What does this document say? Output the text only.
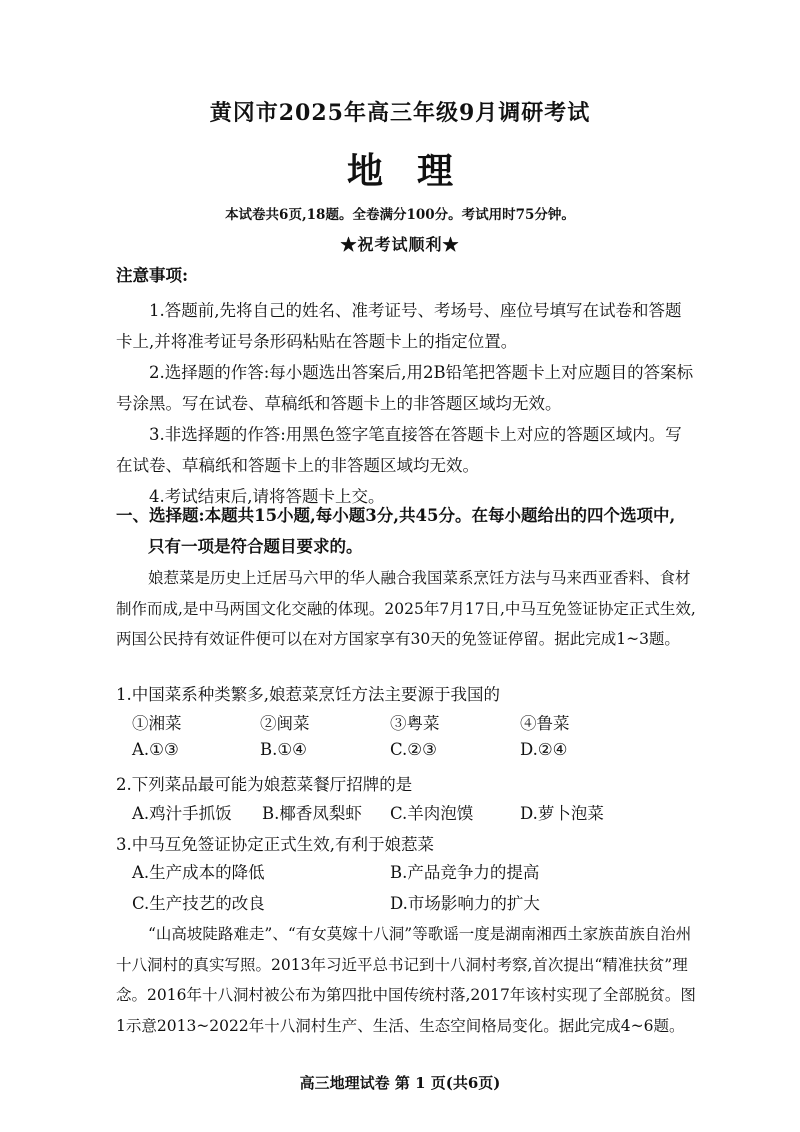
黄冈市2025年高三年级9月调研考试
地理
本试卷共6页,18题。全卷满分100分。考试用时75分钟。
★祝考试顺利★
注意事项:

1.答题前,先将自己的姓名、准考证号、考场号、座位号填写在试卷和答题卡上,并将准考证号条形码粘贴在答题卡上的指定位置。

2.选择题的作答:每小题选出答案后,用2B铅笔把答题卡上对应题目的答案标号涂黑。写在试卷、草稿纸和答题卡上的非答题区域均无效。

3.非选择题的作答:用黑色签字笔直接答在答题卡上对应的答题区域内。写在试卷、草稿纸和答题卡上的非答题区域均无效。

4.考试结束后,请将答题卡上交。

一、选择题:本题共15小题,每小题3分,共45分。在每小题给出的四个选项中,
只有一项是符合题目要求的。

娘惹菜是历史上迁居马六甲的华人融合我国菜系烹饪方法与马来西亚香料、食材制作而成,是中马两国文化交融的体现。2025年7月17日,中马互免签证协定正式生效,两国公民持有效证件便可以在对方国家享有30天的免签证停留。据此完成1~3题。

1.中国菜系种类繁多,娘惹菜烹饪方法主要源于我国的
①湘菜	②闽菜	③粤菜	④鲁菜
A.①③	B.①④	C.②③	D.②④
2.下列菜品最可能为娘惹菜餐厅招牌的是
A.鸡汁手抓饭 B.椰香凤梨虾 C.羊肉泡馍	D.萝卜泡菜
3.中马互免签证协定正式生效,有利于娘惹菜
A.生产成本的降低	B.产品竞争力的提高
C.生产技艺的改良	D.市场影响力的扩大

“山高坡陡路难走”、“有女莫嫁十八洞”等歌谣一度是湖南湘西土家族苗族自治州十八洞村的真实写照。2013年习近平总书记到十八洞村考察,首次提出“精准扶贫”理念。2016年十八洞村被公布为第四批中国传统村落,2017年该村实现了全部脱贫。图1示意2013~2022年十八洞村生产、生活、生态空间格局变化。据此完成4~6题。

高三地理试卷 第 1 页(共6页)
